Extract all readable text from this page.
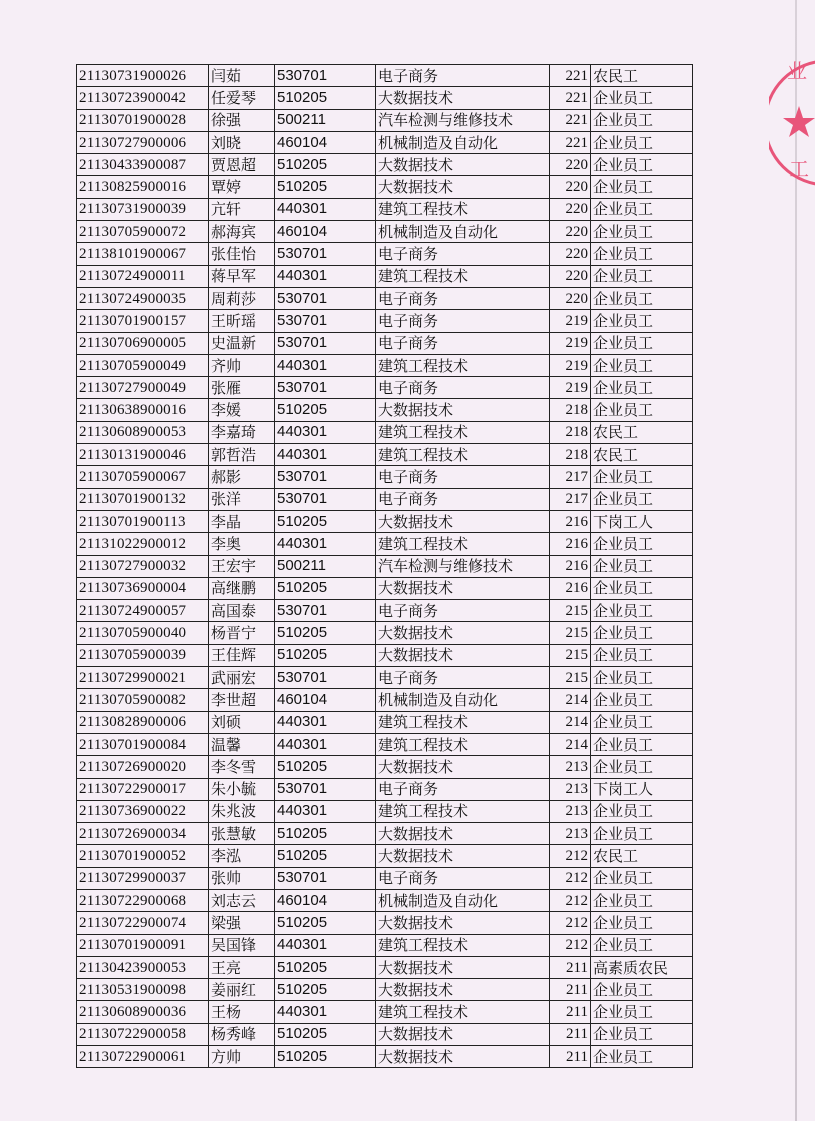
业
工
21130731900026	闫茹	530701	电子商务	221	农民工
21130723900042	任爱琴	510205	大数据技术	221	企业员工
21130701900028	徐强	500211	汽车检测与维修技术	221	企业员工
21130727900006	刘晓	460104	机械制造及自动化	221	企业员工
21130433900087	贾恩超	510205	大数据技术	220	企业员工
21130825900016	覃婷	510205	大数据技术	220	企业员工
21130731900039	亢轩	440301	建筑工程技术	220	企业员工
21130705900072	郝海宾	460104	机械制造及自动化	220	企业员工
21138101900067	张佳怡	530701	电子商务	220	企业员工
21130724900011	蒋早军	440301	建筑工程技术	220	企业员工
21130724900035	周莉莎	530701	电子商务	220	企业员工
21130701900157	王昕瑶	530701	电子商务	219	企业员工
21130706900005	史温新	530701	电子商务	219	企业员工
21130705900049	齐帅	440301	建筑工程技术	219	企业员工
21130727900049	张雁	530701	电子商务	219	企业员工
21130638900016	李媛	510205	大数据技术	218	企业员工
21130608900053	李嘉琦	440301	建筑工程技术	218	农民工
21130131900046	郭哲浩	440301	建筑工程技术	218	农民工
21130705900067	郝影	530701	电子商务	217	企业员工
21130701900132	张洋	530701	电子商务	217	企业员工
21130701900113	李晶	510205	大数据技术	216	下岗工人
21131022900012	李奥	440301	建筑工程技术	216	企业员工
21130727900032	王宏宇	500211	汽车检测与维修技术	216	企业员工
21130736900004	高继鹏	510205	大数据技术	216	企业员工
21130724900057	高国泰	530701	电子商务	215	企业员工
21130705900040	杨晋宁	510205	大数据技术	215	企业员工
21130705900039	王佳辉	510205	大数据技术	215	企业员工
21130729900021	武丽宏	530701	电子商务	215	企业员工
21130705900082	李世超	460104	机械制造及自动化	214	企业员工
21130828900006	刘硕	440301	建筑工程技术	214	企业员工
21130701900084	温馨	440301	建筑工程技术	214	企业员工
21130726900020	李冬雪	510205	大数据技术	213	企业员工
21130722900017	朱小毓	530701	电子商务	213	下岗工人
21130736900022	朱兆波	440301	建筑工程技术	213	企业员工
21130726900034	张慧敏	510205	大数据技术	213	企业员工
21130701900052	李泓	510205	大数据技术	212	农民工
21130729900037	张帅	530701	电子商务	212	企业员工
21130722900068	刘志云	460104	机械制造及自动化	212	企业员工
21130722900074	梁强	510205	大数据技术	212	企业员工
21130701900091	吴国锋	440301	建筑工程技术	212	企业员工
21130423900053	王亮	510205	大数据技术	211	高素质农民
21130531900098	姜丽红	510205	大数据技术	211	企业员工
21130608900036	王杨	440301	建筑工程技术	211	企业员工
21130722900058	杨秀峰	510205	大数据技术	211	企业员工
21130722900061	方帅	510205	大数据技术	211	企业员工
